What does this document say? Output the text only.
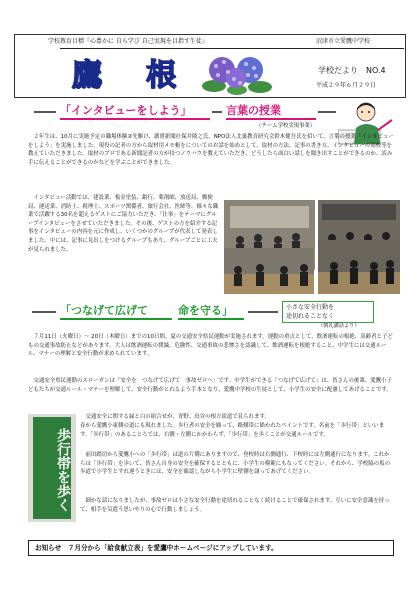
学校教育目標『心豊かに 自ら学び 自己実現を目指す生徒』	沼津市立愛鷹中学校
鷹　根	学校だより NO.4
平成２９年６月２９日
「インタビューをしよう」	言葉の授業
（チーム学校実現事業）
　２年生は、10月に実施予定の職場体験②先駆け、讀賣新聞社保井隆之氏、NPO法人北巣教育研究会鈴木健吾氏を招いて、言葉の授業「インタビューをしよう」を実施しました。現役の記者の方から取材用メモ帳をについてのお話を始めとして、取材の方法、記事の書き方、インタビューの高校等を教えていただきました。取材のプロである新聞記者の方が持つノウハウを教えていただき、どうしたら面白い話しを聞き出すことができるのか、読み手に伝えることができるのかなどを学ぶことができました。
　インタビュー活動では、建設業、板金塗装、銀行、薬剤師、放送局、郵便局、運送業、消防士、税理士、スポーツ関係者、旅行会社、医師等、様々な職業で活躍する30名を超えるゲストにご協力いただき、「仕事」をテーマにグループインタビューをさせていただきました。その後、ゲストの方を紹介する記事をインタビューの内容を元に作成し、いくつかのグループが代表して発表しました。中には、記事に見出しをつけるグループもあり、グループごとに工夫が見られました。
「つなげて広げて	命を守る」	小さな安全行動を
途切れることなく
（朝礼講話より）
　７月11日（火曜日）～ 20日（木曜日）までの10日間、夏の交通安全県民運動が実施されます。運動の重点として、飲酒運転の根絶、高齢者と子どもの交通事故防止などがあります。大人は飲酒運転の撲滅、危険性、交通事故の悲惨さを認識して、飲酒運転を根絶すること、中学生には交通ルール、マナーの理解と安全行動が求められています。
　交通安全県民運動のスローガンは「安全を　つなげて広げて　事故ゼロへ」です。中学生ができる「つなげて広げて」は、皆さんの後輩、愛鷹小子どもたちが交通ルール・マナーを理解して、安全行動がとれるよう手本となり、愛鷹中学校の生徒として、小学生の安全に配慮してあげることです。
歩行帯を歩く
　交通安全に関する緑と白の組合せが、青野、鳥谷の根方街道で見られます。
春から愛鷹小東側の道にも現れました。歩行者の安全を願って、路側帯に描かれたペイントです。名前を「歩行帯」といいます。「歩行帯」のあることろでは、右側・左側にかかわらず、「歩行帯」を歩くことが交通ルールです。
　前田踏切から愛鷹小への「歩行帯」は道の片側にありますので、登校時は右側通行、下校時には左側通行になります。これからは「歩行帯」を歩いて、皆さん自身の安全を確保するとともに、小学生の模範にもなってください。それから、学校脇の坂の歩道で小学生とすれ違うときには、安全を確認しながら小学生に壁側を譲ってあげてください。
　細かな話になりましたが、事故ゼロは小さな安全行動を途切れることなく続けることで確保されます。互いに安全意識を持って、相手を気遣う思いやりの心で行動しましょう。
お知らせ　７月分から「給食献立表」を愛鷹中ホームページにアップしています。
